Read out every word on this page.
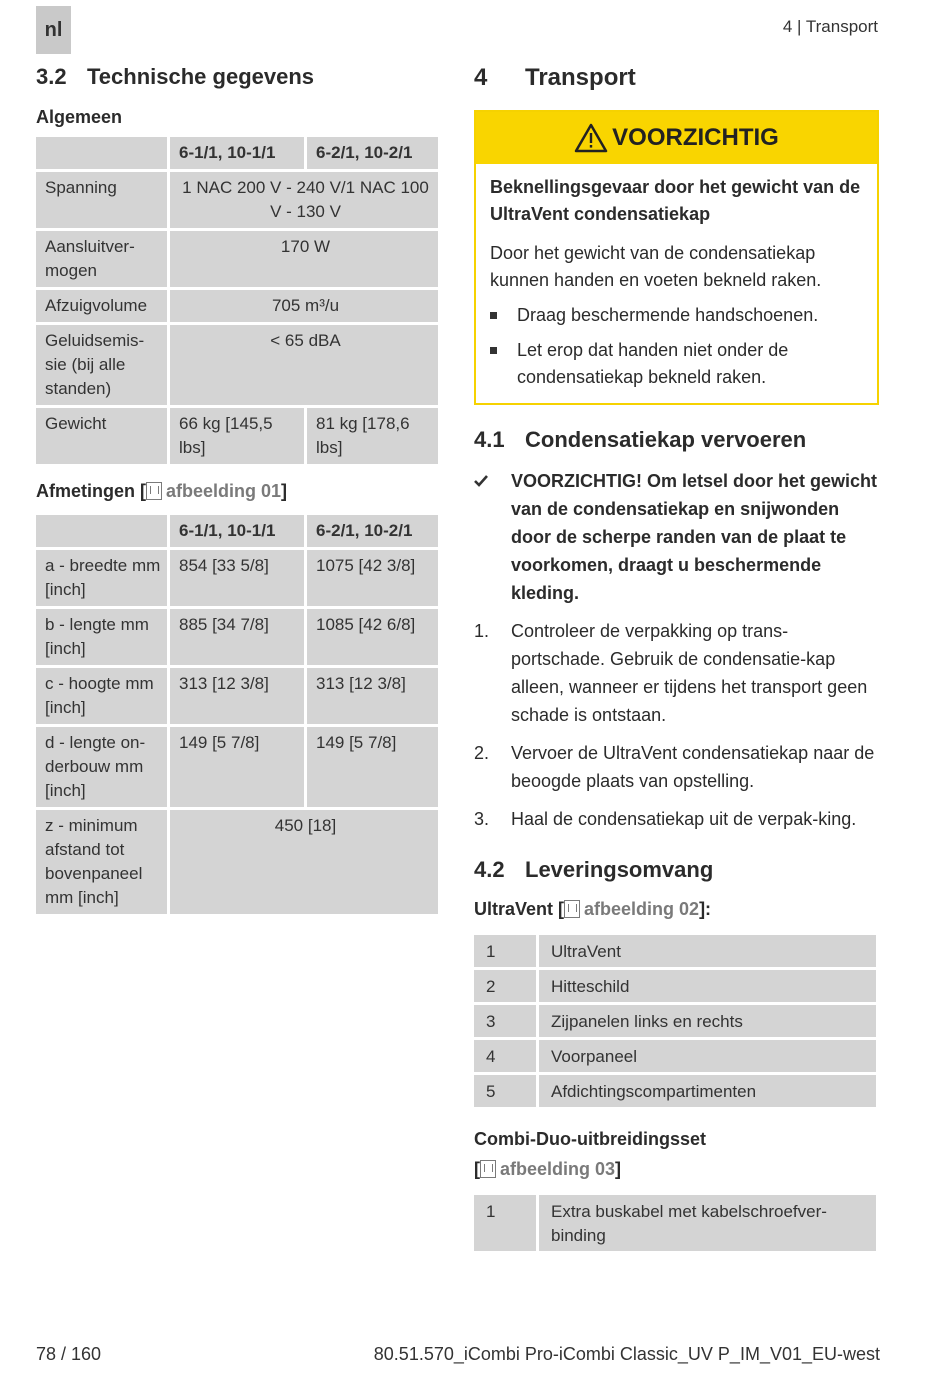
nl	4 | Transport
3.2 Technische gegevens
Algemeen
	6-1/1, 10-1/1	6-2/1, 10-2/1
Spanning	1 NAC 200 V - 240 V/1 NAC 100 V - 130 V	
Aansluitver-mogen	170 W	
Afzuigvolume	705 m³/u	
Geluidsemis-sie (bij alle standen)	< 65 dBA	
Gewicht	66 kg [145,5 lbs]	81 kg [178,6 lbs]
Afmetingen [ afbeelding 01]
	6-1/1, 10-1/1	6-2/1, 10-2/1
a - breedte mm [inch]	854 [33 5/8]	1075 [42 3/8]
b - lengte mm [inch]	885 [34 7/8]	1085 [42 6/8]
c - hoogte mm [inch]	313 [12 3/8]	313 [12 3/8]
d - lengte on-derbouw mm [inch]	149 [5 7/8]	149 [5 7/8]
z - minimum afstand tot bovenpaneel mm [inch]	450 [18]	
4 Transport
VOORZICHTIG
Beknellingsgevaar door het gewicht van de UltraVent condensatiekap

Door het gewicht van de condensatiekap kunnen handen en voeten bekneld raken.

Draag beschermende handschoenen.
Let erop dat handen niet onder de condensatiekap bekneld raken.
4.1 Condensatiekap vervoeren
VOORZICHTIG! Om letsel door het gewicht van de condensatiekap en snijwonden door de scherpe randen van de plaat te voorkomen, draagt u beschermende kleding.
1.	Controleer de verpakking op trans-portschade. Gebruik de condensatie-kap alleen, wanneer er tijdens het transport geen schade is ontstaan.
2.	Vervoer de UltraVent condensatiekap naar de beoogde plaats van opstelling.
3.	Haal de condensatiekap uit de verpak-king.
4.2 Leveringsomvang
UltraVent [ afbeelding 02]:
1	UltraVent
2	Hitteschild
3	Zijpanelen links en rechts
4	Voorpaneel
5	Afdichtingscompartimenten
Combi-Duo-uitbreidingsset
[ afbeelding 03]
1	Extra buskabel met kabelschroefver-binding
78 / 160	80.51.570_iCombi Pro-iCombi Classic_UV P_IM_V01_EU-west
